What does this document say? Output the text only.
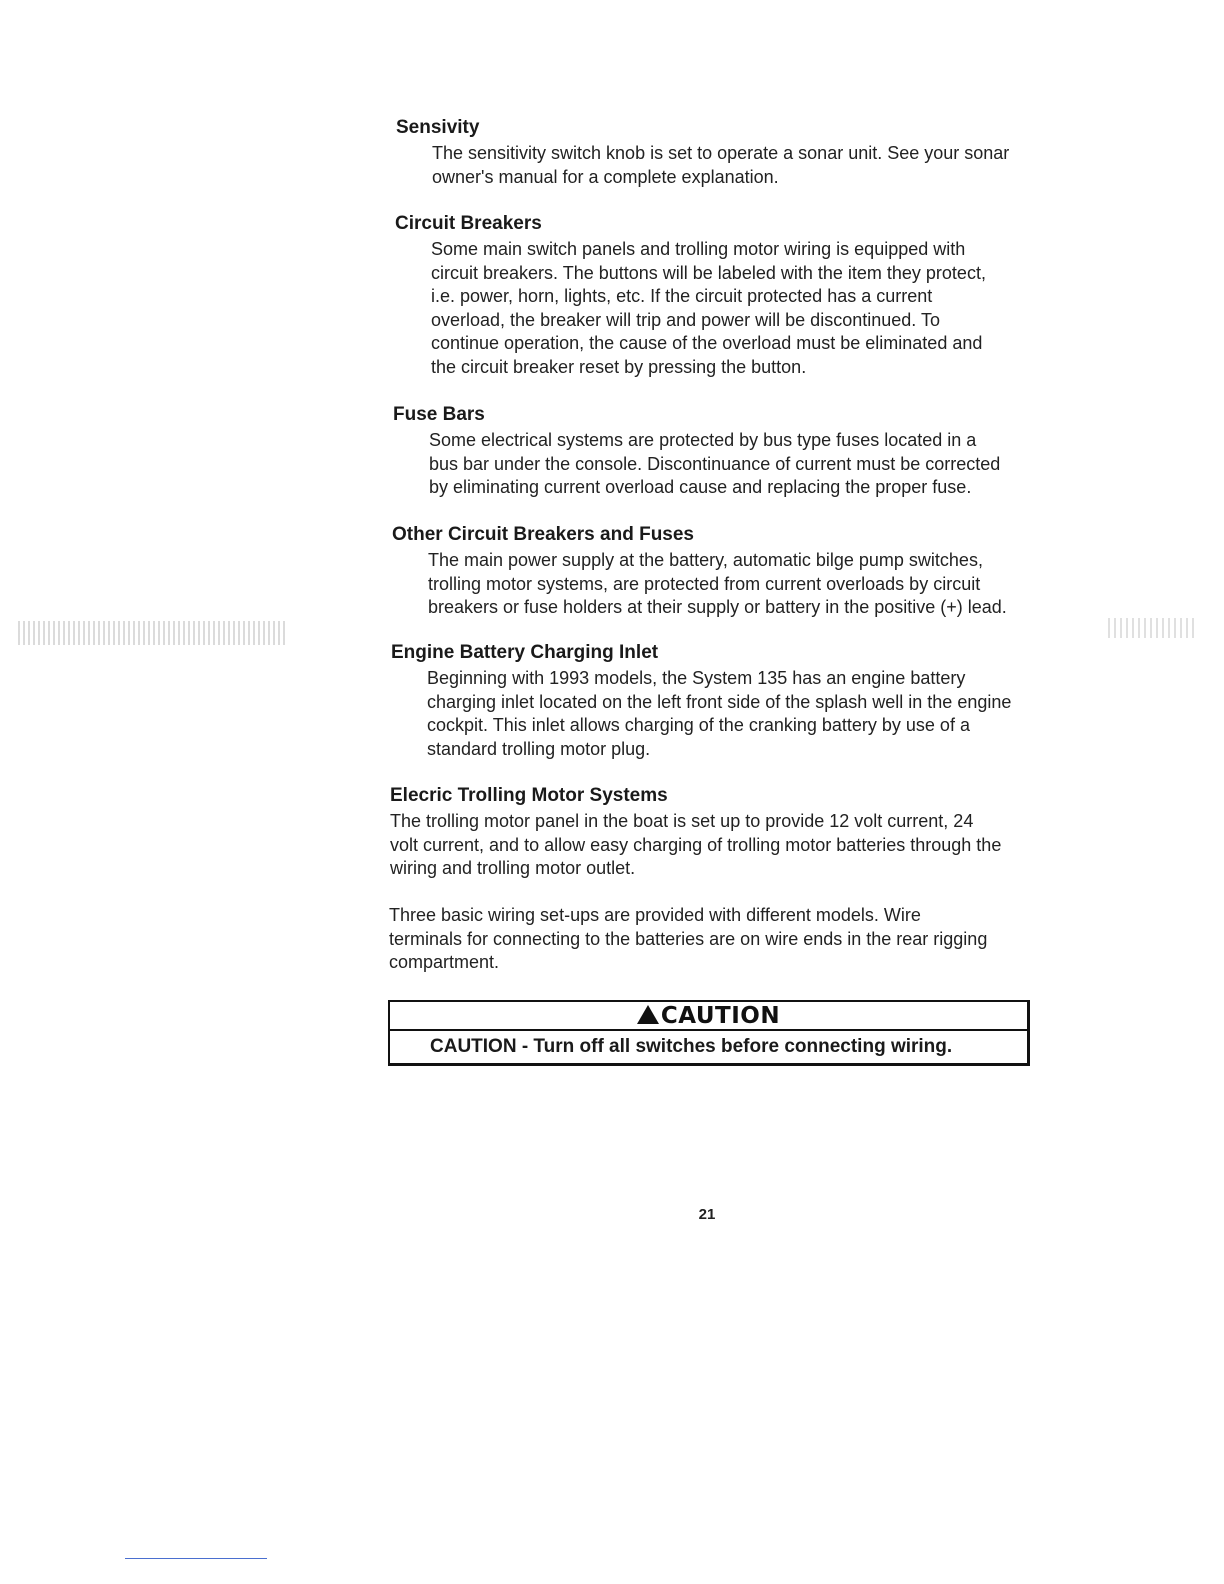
Sensivity
The sensitivity switch knob is set to operate a sonar unit. See your sonar
owner's manual for a complete explanation.
Circuit Breakers
Some main switch panels and trolling motor wiring is equipped with
circuit breakers. The buttons will be labeled with the item they protect,
i.e. power, horn, lights, etc. If the circuit protected has a current
overload, the breaker will trip and power will be discontinued. To
continue operation, the cause of the overload must be eliminated and
the circuit breaker reset by pressing the button.
Fuse Bars
Some electrical systems are protected by bus type fuses located in a
bus bar under the console. Discontinuance of current must be corrected
by eliminating current overload cause and replacing the proper fuse.
Other Circuit Breakers and Fuses
The main power supply at the battery, automatic bilge pump switches,
trolling motor systems, are protected from current overloads by circuit
breakers or fuse holders at their supply or battery in the positive (+) lead.
Engine Battery Charging Inlet
Beginning with 1993 models, the System 135 has an engine battery
charging inlet located on the left front side of the splash well in the engine
cockpit. This inlet allows charging of the cranking battery by use of a
standard trolling motor plug.
Elecric Trolling Motor Systems
The trolling motor panel in the boat is set up to provide 12 volt current, 24
volt current, and to allow easy charging of trolling motor batteries through the
wiring and trolling motor outlet.
Three basic wiring set-ups are provided with different models. Wire
terminals for connecting to the batteries are on wire ends in the rear rigging
compartment.
CAUTION
CAUTION - Turn off all switches before connecting wiring.
21
